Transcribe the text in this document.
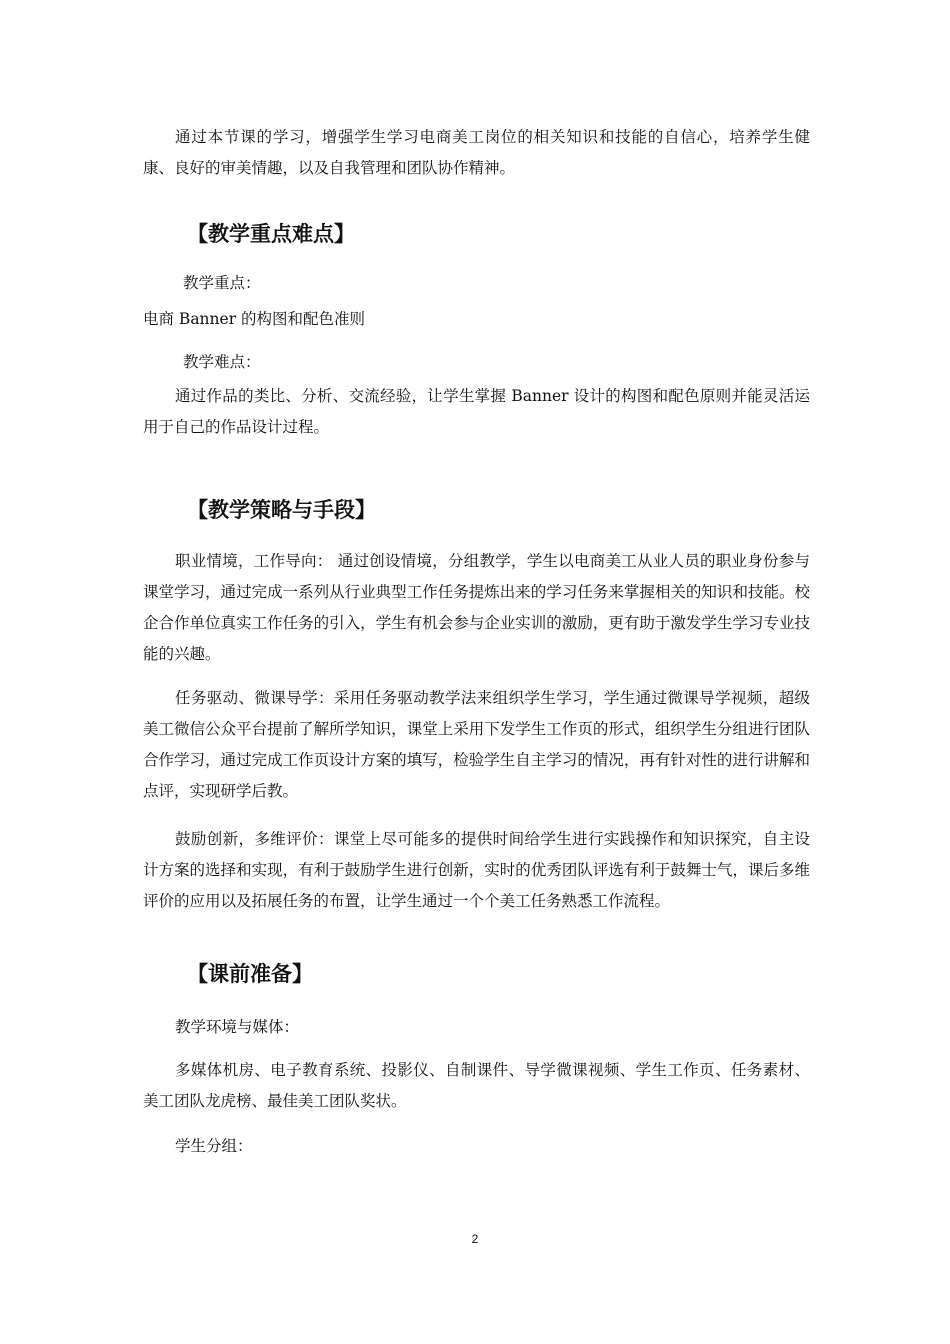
通过本节课的学习，增强学生学习电商美工岗位的相关知识和技能的自信心，培养学生健康、良好的审美情趣，以及自我管理和团队协作精神。

【教学重点难点】

教学重点：

电商 Banner 的构图和配色准则

教学难点：

通过作品的类比、分析、交流经验，让学生掌握 Banner 设计的构图和配色原则并能灵活运用于自己的作品设计过程。

【教学策略与手段】

职业情境，工作导向： 通过创设情境，分组教学，学生以电商美工从业人员的职业身份参与课堂学习，通过完成一系列从行业典型工作任务提炼出来的学习任务来掌握相关的知识和技能。校企合作单位真实工作任务的引入，学生有机会参与企业实训的激励，更有助于激发学生学习专业技能的兴趣。

任务驱动、微课导学：采用任务驱动教学法来组织学生学习，学生通过微课导学视频，超级美工微信公众平台提前了解所学知识，课堂上采用下发学生工作页的形式，组织学生分组进行团队合作学习，通过完成工作页设计方案的填写，检验学生自主学习的情况，再有针对性的进行讲解和点评，实现研学后教。

鼓励创新，多维评价：课堂上尽可能多的提供时间给学生进行实践操作和知识探究，自主设计方案的选择和实现，有利于鼓励学生进行创新，实时的优秀团队评选有利于鼓舞士气，课后多维评价的应用以及拓展任务的布置，让学生通过一个个美工任务熟悉工作流程。

【课前准备】

教学环境与媒体：

多媒体机房、电子教育系统、投影仪、自制课件、导学微课视频、学生工作页、任务素材、美工团队龙虎榜、最佳美工团队奖状。

学生分组：

2
